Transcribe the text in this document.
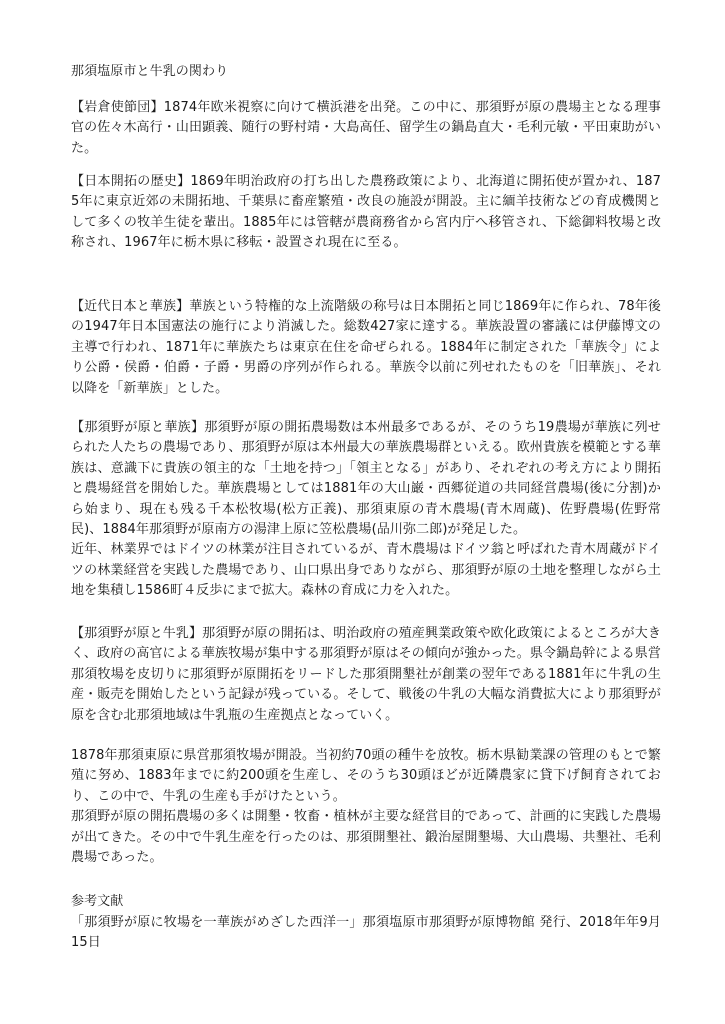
那須塩原市と牛乳の関わり

【岩倉使節団】1874年欧米視察に向けて横浜港を出発。この中に、那須野が原の農場主となる理事官の佐々木高行・山田顕義、随行の野村靖・大島高任、留学生の鍋島直大・毛利元敏・平田東助がいた。
【日本開拓の歴史】1869年明治政府の打ち出した農務政策により、北海道に開拓使が置かれ、1875年に東京近郊の未開拓地、千葉県に畜産繁殖・改良の施設が開設。主に緬羊技術などの育成機関として多くの牧羊生徒を輩出。1885年には管轄が農商務省から宮内庁へ移管され、下総御料牧場と改称され、1967年に栃木県に移転・設置され現在に至る。
【近代日本と華族】華族という特権的な上流階級の称号は日本開拓と同じ1869年に作られ、78年後の1947年日本国憲法の施行により消滅した。総数427家に達する。華族設置の審議には伊藤博文の主導で行われ、1871年に華族たちは東京在住を命ぜられる。1884年に制定された「華族令」により公爵・侯爵・伯爵・子爵・男爵の序列が作られる。華族令以前に列せれたものを「旧華族」、それ以降を「新華族」とした。
【那須野が原と華族】那須野が原の開拓農場数は本州最多であるが、そのうち19農場が華族に列せられた人たちの農場であり、那須野が原は本州最大の華族農場群といえる。欧州貴族を模範とする華族は、意識下に貴族の領主的な「土地を持つ」「領主となる」があり、それぞれの考え方により開拓と農場経営を開始した。華族農場としては1881年の大山巌・西郷従道の共同経営農場(後に分割)から始まり、現在も残る千本松牧場(松方正義)、那須東原の青木農場(青木周蔵)、佐野農場(佐野常民)、1884年那須野が原南方の湯津上原に笠松農場(品川弥二郎)が発足した。
近年、林業界ではドイツの林業が注目されているが、青木農場はドイツ翁と呼ばれた青木周蔵がドイツの林業経営を実践した農場であり、山口県出身でありながら、那須野が原の土地を整理しながら土地を集積し1586町４反歩にまで拡大。森林の育成に力を入れた。
【那須野が原と牛乳】那須野が原の開拓は、明治政府の殖産興業政策や欧化政策によるところが大きく、政府の高官による華族牧場が集中する那須野が原はその傾向が強かった。県令鍋島幹による県営那須牧場を皮切りに那須野が原開拓をリードした那須開墾社が創業の翌年である1881年に牛乳の生産・販売を開始したという記録が残っている。そして、戦後の牛乳の大幅な消費拡大により那須野が原を含む北那須地域は牛乳瓶の生産拠点となっていく。
1878年那須東原に県営那須牧場が開設。当初約70頭の種牛を放牧。栃木県勧業課の管理のもとで繁殖に努め、1883年までに約200頭を生産し、そのうち30頭ほどが近隣農家に貸下げ飼育されており、この中で、牛乳の生産も手がけたという。
那須野が原の開拓農場の多くは開墾・牧畜・植林が主要な経営目的であって、計画的に実践した農場が出てきた。その中で牛乳生産を行ったのは、那須開墾社、鍛治屋開墾場、大山農場、共墾社、毛利農場であった。

参考文献

「那須野が原に牧場を一華族がめざした西洋一」那須塩原市那須野が原博物館 発行、2018年年9月15日
